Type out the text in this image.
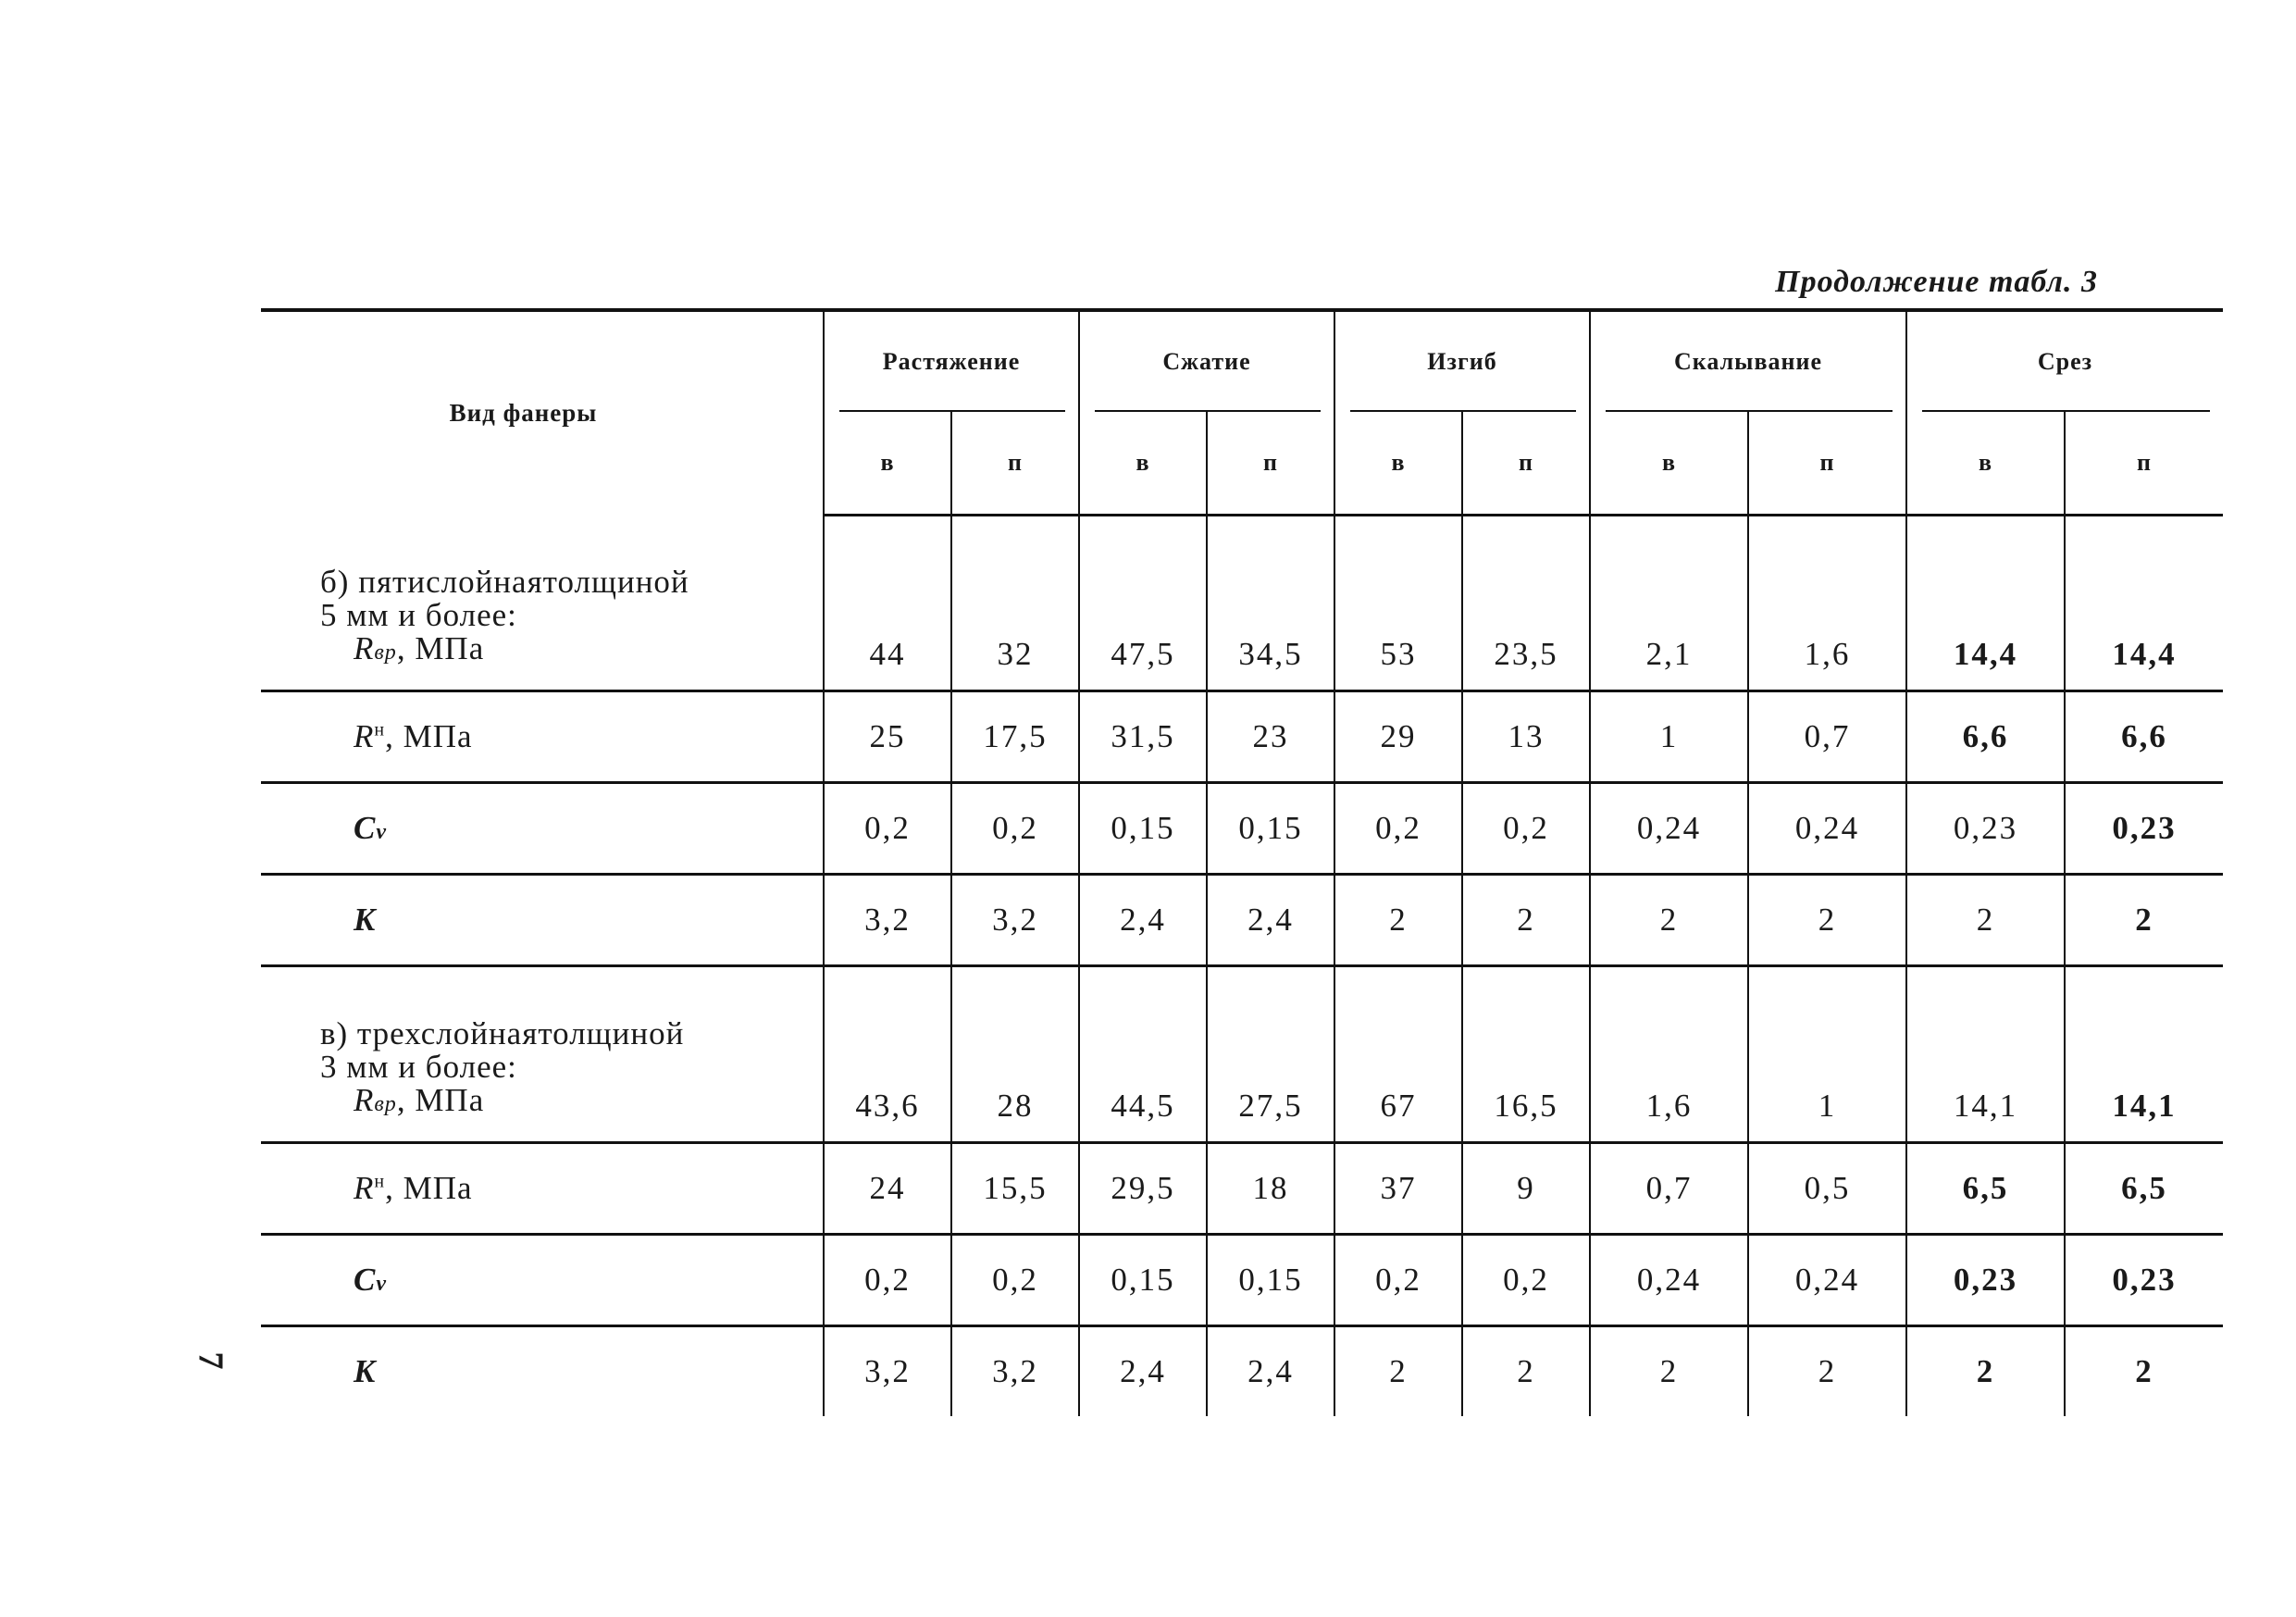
Продолжение табл. 3
7
Вид фанеры	Растяжение		Сжатие		Изгиб		Скалывание		Срез	

	в	п	в	п	в	п	в	п	в	п

б) пятислойнаятолщиной
5 мм и более:
Rвр, МПа	44	32	47,5	34,5	53	23,5	2,1	1,6	14,4	14,4
$R^н$, МПа	25	17,5	31,5	23	29	13	1	0,7	6,6	6,6
Cv	0,2	0,2	0,15	0,15	0,2	0,2	0,24	0,24	0,23	0,23
K	3,2	3,2	2,4	2,4	2	2	2	2	2	2

в) трехслойнаятолщиной
3 мм и более:
Rвр, МПа	43,6	28	44,5	27,5	67	16,5	1,6	1	14,1	14,1
$R^н$, МПа	24	15,5	29,5	18	37	9	0,7	0,5	6,5	6,5
Cv	0,2	0,2	0,15	0,15	0,2	0,2	0,24	0,24	0,23	0,23
K	3,2	3,2	2,4	2,4	2	2	2	2	2	2
